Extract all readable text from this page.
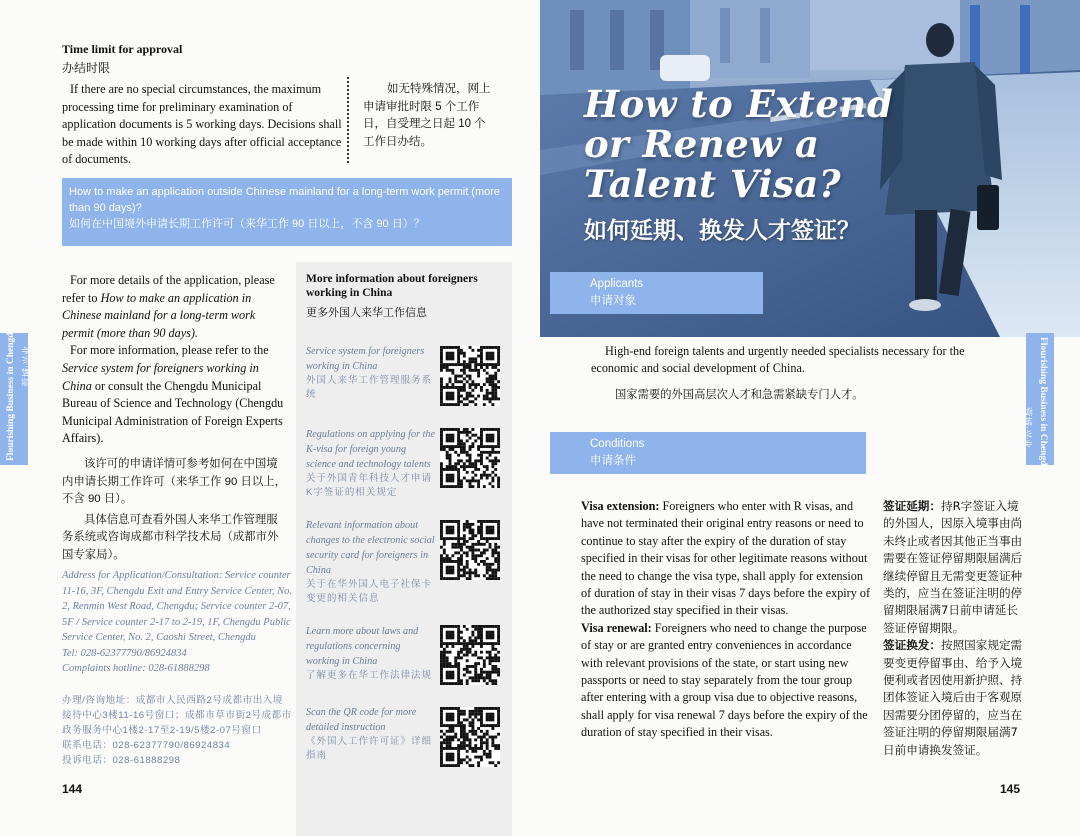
Time limit for approval
办结时限
If there are no special circumstances, the maximum processing time for preliminary examination of application documents is 5 working days. Decisions shall be made within 10 working days after official acceptance of documents.
如无特殊情况，网上申请审批时限 5 个工作日，自受理之日起 10 个工作日办结。
How to make an application outside Chinese mainland for a long-term work permit (more than 90 days)?
如何在中国境外申请长期工作许可（来华工作 90 日以上，不含 90 日）？
For more details of the application, please refer to How to make an application in Chinese mainland for a long-term work permit (more than 90 days).
For more information, please refer to the Service system for foreigners working in China or consult the Chengdu Municipal Bureau of Science and Technology (Chengdu Municipal Administration of Foreign Experts Affairs).
该许可的申请详情可参考如何在中国境内申请长期工作许可（来华工作 90 日以上，不含 90 日）。
具体信息可查看外国人来华工作管理服务系统或咨询成都市科学技术局（成都市外国专家局）。
Address for Application/Consultation: Service counter 11-16, 3F, Chengdu Exit and Entry Service Center, No. 2, Renmin West Road, Chengdu; Service counter 2-07, 5F / Service counter 2-17 to 2-19, 1F, Chengdu Public Service Center, No. 2, Caoshi Street, Chengdu
Tel: 028-62377790/86924834
Complaints hotline: 028-61888298
办理/咨询地址：成都市人民西路2号成都市出入境接待中心3楼11-16号窗口；成都市草市街2号成都市政务服务中心1楼2-17至2-19/5楼2-07号窗口
联系电话：028-62377790/86924834
投诉电话：028-61888298
144
Flourishing Business in Chengdu 蓉城·兴业
More information about foreigners working in China
更多外国人来华工作信息
Service system for foreigners working in China
外国人来华工作管理服务系统
Regulations on applying for the K-visa for foreign young science and technology talents
关于外国青年科技人才申请K字签证的相关规定
Relevant information about changes to the electronic social security card for foreigners in China
关于在华外国人电子社保卡变更的相关信息
Learn more about laws and regulations concerning working in China
了解更多在华工作法律法规
Scan the QR code for more detailed instruction
《外国人工作许可证》详细指南
How to Extend or Renew a Talent Visa?
如何延期、换发人才签证？
Applicants
申请对象
High-end foreign talents and urgently needed specialists necessary for the economic and social development of China.
国家需要的外国高层次人才和急需紧缺专门人才。
Conditions
申请条件
Visa extension: Foreigners who enter with R visas, and have not terminated their original entry reasons or need to continue to stay after the expiry of the duration of stay specified in their visas for other legitimate reasons without the need to change the visa type, shall apply for extension of duration of stay in their visas 7 days before the expiry of the authorized stay specified in their visas.
Visa renewal: Foreigners who need to change the purpose of stay or are granted entry conveniences in accordance with relevant provisions of the state, or start using new passports or need to stay separately from the tour group after entering with a group visa due to objective reasons, shall apply for visa renewal 7 days before the expiry of the duration of stay specified in their visas.
签证延期：持R字签证入境的外国人，因原入境事由尚未终止或者因其他正当事由需要在签证停留期限届满后继续停留且无需变更签证种类的，应当在签证注明的停留期限届满7日前申请延长签证停留期限。
签证换发：按照国家规定需要变更停留事由、给予入境便利或者因使用新护照、持团体签证入境后由于客观原因需要分团停留的，应当在签证注明的停留期限届满7日前申请换发签证。
145
Flourishing Business in Chengdu
蓉城·兴业
